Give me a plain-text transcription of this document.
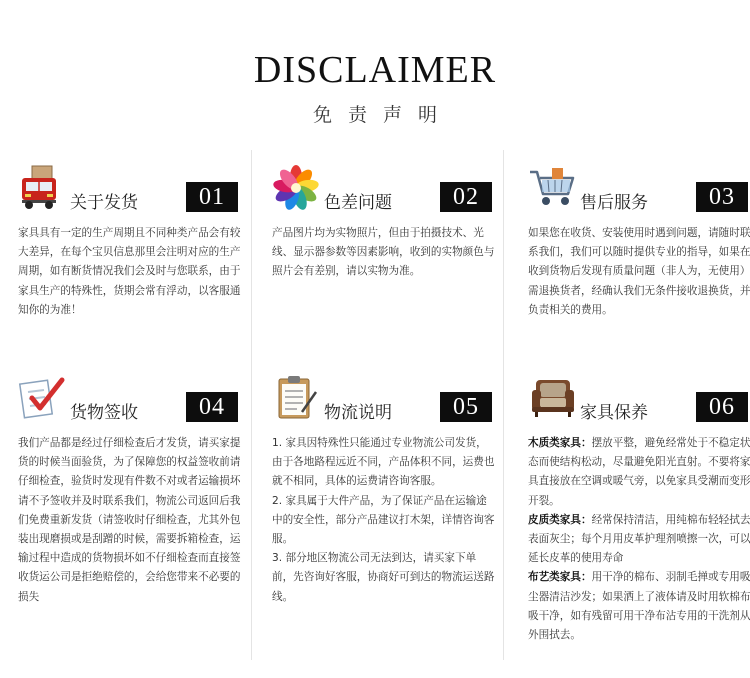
DISCLAIMER
免责声明
关于发货	01

家具具有一定的生产周期且不同种类产品会有较大差异，在每个宝贝信息那里会注明对应的生产周期，如有断货情况我们会及时与您联系，由于家具生产的特殊性，货期会常有浮动，以客服通知你的为准！

色差问题	02

产品图片均为实物照片，但由于拍摄技术、光线、显示器参数等因素影响，收到的实物颜色与照片会有差别，请以实物为准。

售后服务	03

如果您在收货、安装使用时遇到问题，请随时联系我们，我们可以随时提供专业的指导，如果在收到货物后发现有质量问题（非人为，无使用）需退换货者，经确认我们无条件接收退换货，并负责相关的费用。

货物签收	04

我们产品都是经过仔细检查后才发货，请买家提货的时候当面验货，为了保障您的权益签收前请仔细检查，验货时发现有件数不对或者运输损坏请不予签收并及时联系我们，物流公司返回后我们免费重新发货（请签收时仔细检查，尤其外包装出现磨损或是刮蹭的时候，需要拆箱检查，运输过程中造成的货物损坏如不仔细检查而直接签收货运公司是拒绝赔偿的，会给您带来不必要的损失

物流说明	05

1. 家具因特殊性只能通过专业物流公司发货，由于各地路程远近不同，产品体积不同，运费也就不相同，具体的运费请咨询客服。

2. 家具属于大件产品，为了保证产品在运输途中的安全性，部分产品建议打木架，详情咨询客服。

3. 部分地区物流公司无法到达，请买家下单前，先咨询好客服，协商好可到达的物流运送路线。

家具保养	06

木质类家具：摆放平整，避免经常处于不稳定状态而使结构松动，尽量避免阳光直射。不要将家具直接放在空调或暖气旁，以免家具受潮而变形开裂。

皮质类家具：经常保持清洁，用纯棉布轻轻拭去表面灰尘；每个月用皮革护理剂喷擦一次，可以延长皮革的使用寿命

布艺类家具：用干净的棉布、羽制毛掸或专用吸尘器清洁沙发；如果洒上了液体请及时用软棉布吸干净，如有残留可用干净布沾专用的干洗剂从外围拭去。
